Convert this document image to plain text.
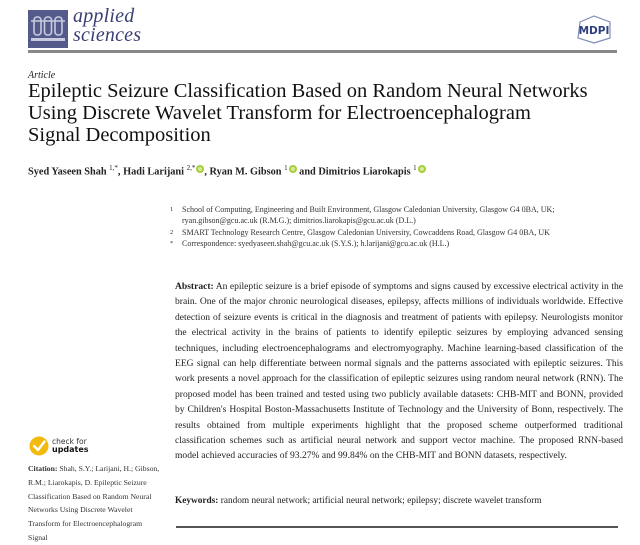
applied
sciences	MDPI
Article
Epileptic Seizure Classification Based on Random Neural Networks Using Discrete Wavelet Transform for Electroencephalogram Signal Decomposition
Syed Yaseen Shah $^{1,*}$, Hadi Larijani $^{2,*}$ , Ryan M. Gibson $^1$ and Dimitrios Liarokapis $^1$
1	School of Computing, Engineering and Built Environment, Glasgow Caledonian University, Glasgow G4 0BA, UK; ryan.gibson@gcu.ac.uk (R.M.G.); dimitrios.liarokapis@gcu.ac.uk (D.L.)
2	SMART Technology Research Centre, Glasgow Caledonian University, Cowcaddens Road, Glasgow G4 0BA, UK
*	Correspondence: syedyaseen.shah@gcu.ac.uk (S.Y.S.); h.larijani@gcu.ac.uk (H.L.)
Abstract: An epileptic seizure is a brief episode of symptoms and signs caused by excessive electrical activity in the brain. One of the major chronic neurological diseases, epilepsy, affects millions of individuals worldwide. Effective detection of seizure events is critical in the diagnosis and treatment of patients with epilepsy. Neurologists monitor the electrical activity in the brains of patients to identify epileptic seizures by employing advanced sensing techniques, including electroencephalograms and electromyography. Machine learning-based classification of the EEG signal can help differentiate between normal signals and the patterns associated with epileptic seizures. This work presents a novel approach for the classification of epileptic seizures using random neural network (RNN). The proposed model has been trained and tested using two publicly available datasets: CHB-MIT and BONN, provided by Children's Hospital Boston-Massachusetts Institute of Technology and the University of Bonn, respectively. The results obtained from multiple experiments highlight that the proposed scheme outperformed traditional classification schemes such as artificial neural network and support vector machine. The proposed RNN-based model achieved accuracies of 93.27% and 99.84% on the CHB-MIT and BONN datasets, respectively.
Keywords: random neural network; artificial neural network; epilepsy; discrete wavelet transform
check for
updates
Citation: Shah, S.Y.; Larijani, H.; Gibson, R.M.; Liarokapis, D. Epileptic Seizure Classification Based on Random Neural Networks Using Discrete Wavelet Transform for Electroencephalogram Signal
